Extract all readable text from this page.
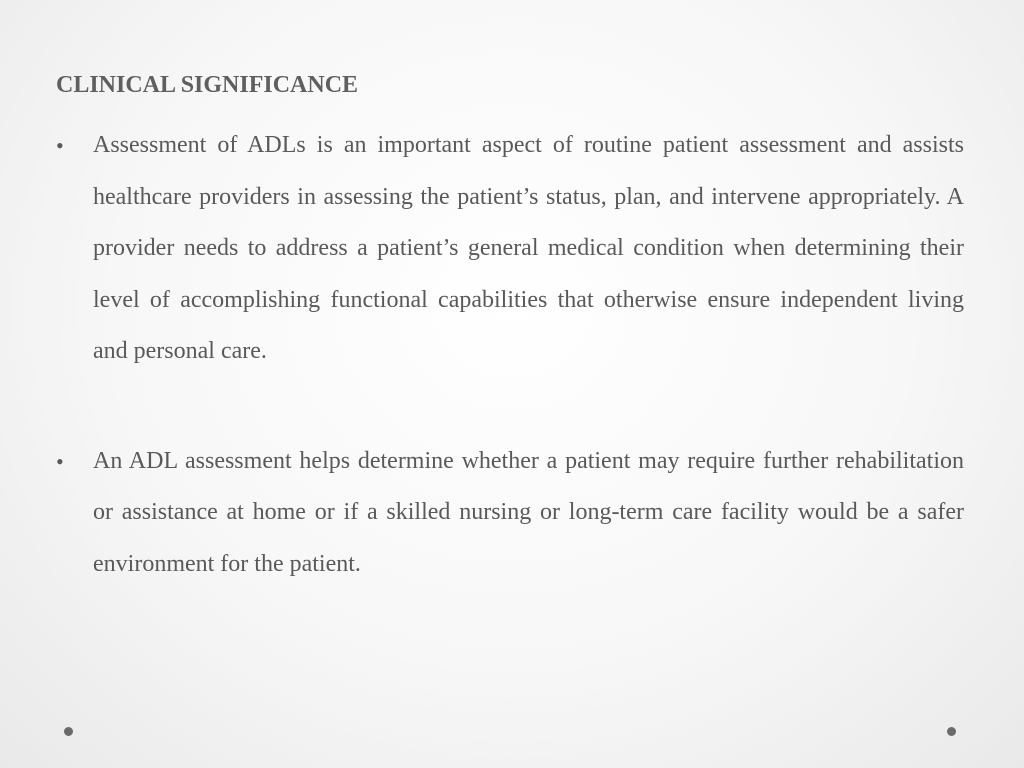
CLINICAL SIGNIFICANCE
•	Assessment of ADLs is an important aspect of routine patient assessment and assists healthcare providers in assessing the patient’s status, plan, and intervene appropriately. A provider needs to address a patient’s general medical condition when determining their level of accomplishing functional capabilities that otherwise ensure independent living and personal care.
•	An ADL assessment helps determine whether a patient may require further rehabilitation or assistance at home or if a skilled nursing or long-term care facility would be a safer environment for the patient.
